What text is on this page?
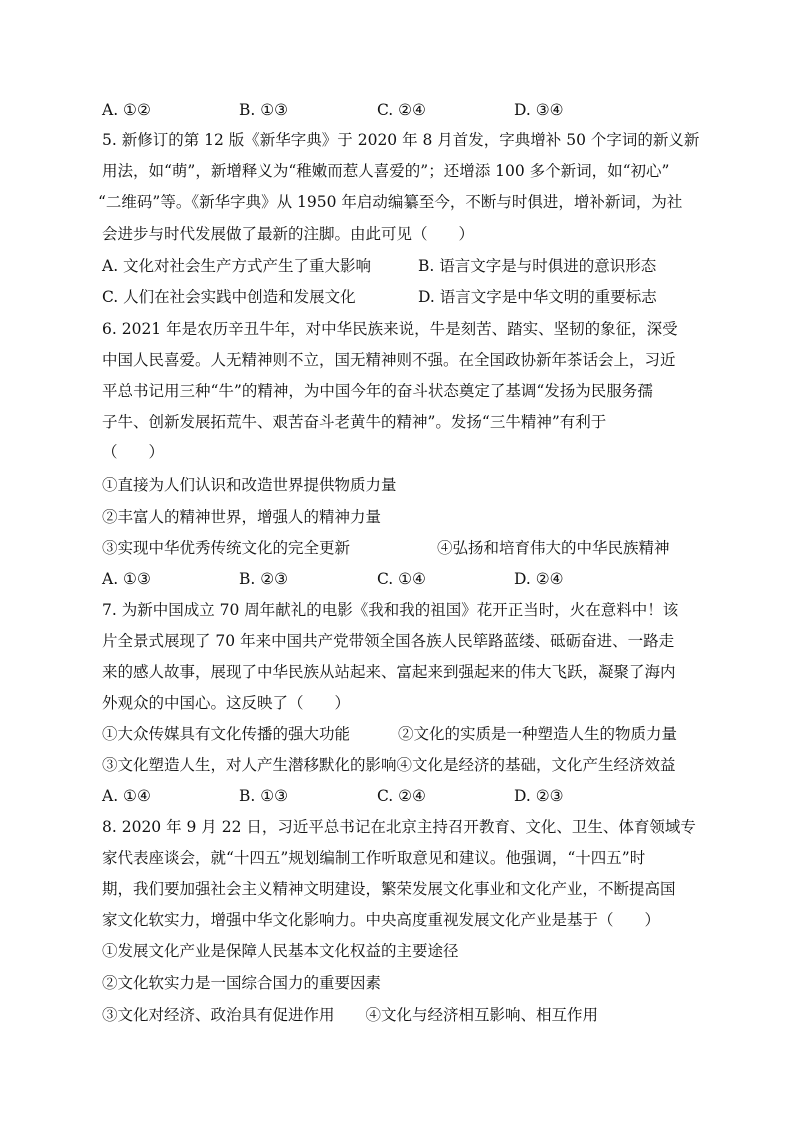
A. ①②	B. ①③	C. ②④	D. ③④
5. 新修订的第 12 版《新华字典》于 2020 年 8 月首发，字典增补 50 个字词的新义新
用法，如“萌”，新增释义为“稚嫩而惹人喜爱的”；还增添 100 多个新词，如“初心”
“二维码”等。《新华字典》从 1950 年启动编纂至今，不断与时俱进，增补新词，为社
会进步与时代发展做了最新的注脚。由此可见（　　）
A. 文化对社会生产方式产生了重大影响	B. 语言文字是与时俱进的意识形态
C. 人们在社会实践中创造和发展文化	D. 语言文字是中华文明的重要标志
6. 2021 年是农历辛丑牛年，对中华民族来说，牛是刻苦、踏实、坚韧的象征，深受
中国人民喜爱。人无精神则不立，国无精神则不强。在全国政协新年茶话会上，习近
平总书记用三种“牛”的精神，为中国今年的奋斗状态奠定了基调“发扬为民服务孺
子牛、创新发展拓荒牛、艰苦奋斗老黄牛的精神”。发扬“三牛精神”有利于
（　　）
①直接为人们认识和改造世界提供物质力量
②丰富人的精神世界，增强人的精神力量
③实现中华优秀传统文化的完全更新	④弘扬和培育伟大的中华民族精神
A. ①③	B. ②③	C. ①④	D. ②④
7. 为新中国成立 70 周年献礼的电影《我和我的祖国》花开正当时，火在意料中！该
片全景式展现了 70 年来中国共产党带领全国各族人民筚路蓝缕、砥砺奋进、一路走
来的感人故事，展现了中华民族从站起来、富起来到强起来的伟大飞跃，凝聚了海内
外观众的中国心。这反映了（　　）
①大众传媒具有文化传播的强大功能	②文化的实质是一种塑造人生的物质力量
③文化塑造人生，对人产生潜移默化的影响④文化是经济的基础，文化产生经济效益
A. ①④	B. ①③	C. ②④	D. ②③
8. 2020 年 9 月 22 日，习近平总书记在北京主持召开教育、文化、卫生、体育领域专
家代表座谈会，就“十四五”规划编制工作听取意见和建议。他强调，“十四五”时
期，我们要加强社会主义精神文明建设，繁荣发展文化事业和文化产业，不断提高国
家文化软实力，增强中华文化影响力。中央高度重视发展文化产业是基于（　　）
①发展文化产业是保障人民基本文化权益的主要途径
②文化软实力是一国综合国力的重要因素
③文化对经济、政治具有促进作用　　④文化与经济相互影响、相互作用
